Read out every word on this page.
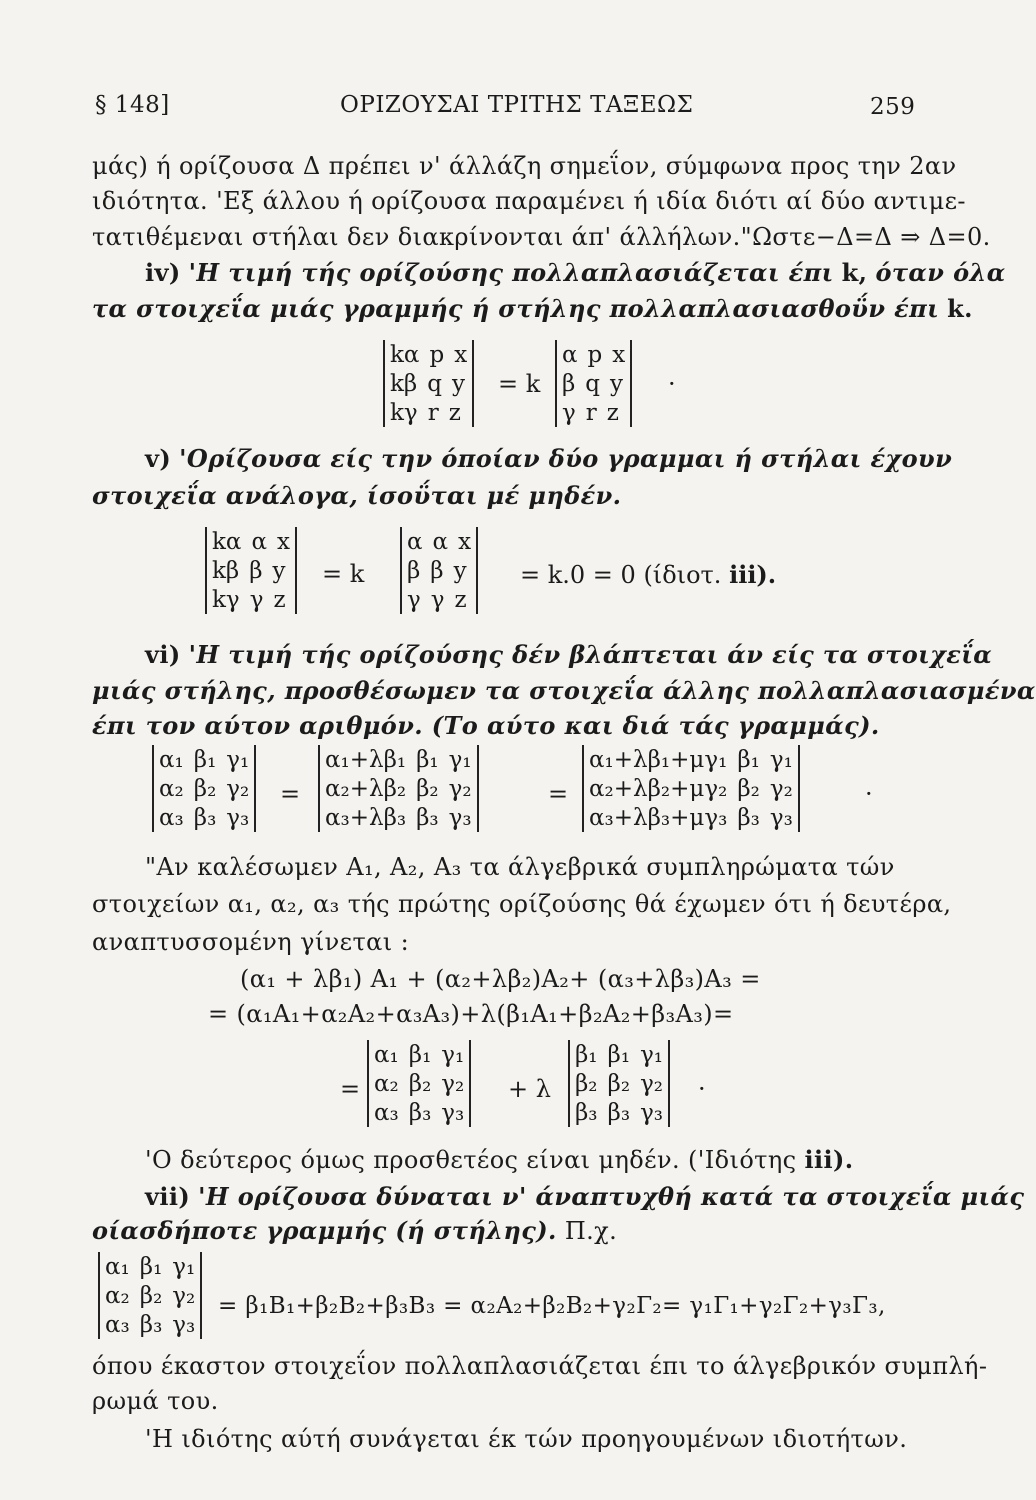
§ 148]	ΟΡΙΖΟΥΣΑΙ ΤΡΙΤΗΣ ΤΑΞΕΩΣ	259
μάς) ή ορίζουσα Δ πρέπει ν' άλλάζη σημεΐον, σύμφωνα προς την 2αν
ιδιότητα. 'Εξ άλλου ή ορίζουσα παραμένει ή ιδία διότι αί δύο αντιμε-
τατιθέμεναι στήλαι δεν διακρίνονται άπ' άλλήλων."Ωστε−Δ=Δ ⇒ Δ=0.
iv) 'Η τιμή τής ορίζούσης πολλαπλασιάζεται έπι k, όταν όλα
τα στοιχεΐα μιάς γραμμής ή στήλης πολλαπλασιασθοΰν έπι k.
kα p x
kβ q y
kγ r z
= k
α p x
β q y
γ r z
·
v) 'Ορίζουσα είς την όποίαν δύο γραμμαι ή στήλαι έχουν
στοιχεΐα ανάλογα, ίσοΰται μέ μηδέν.
kα α x
kβ β y
kγ γ z
= k
α α x
β β y
γ γ z
= k.0 = 0 (ίδιοτ. iii).
vi) 'Η τιμή τής ορίζούσης δέν βλάπτεται άν είς τα στοιχεΐα
μιάς στήλης, προσθέσωμεν τα στοιχεΐα άλλης πολλαπλασιασμένα
έπι τον αύτον αριθμόν. (Το αύτο και διά τάς γραμμάς).
α₁ β₁ γ₁
α₂ β₂ γ₂
α₃ β₃ γ₃
=
α₁+λβ₁ β₁ γ₁
α₂+λβ₂ β₂ γ₂
α₃+λβ₃ β₃ γ₃
=
α₁+λβ₁+μγ₁ β₁ γ₁
α₂+λβ₂+μγ₂ β₂ γ₂
α₃+λβ₃+μγ₃ β₃ γ₃
·
"Αν καλέσωμεν A₁, A₂, A₃ τα άλγεβρικά συμπληρώματα τών
στοιχείων α₁, α₂, α₃ τής πρώτης ορίζούσης θά έχωμεν ότι ή δευτέρα,
αναπτυσσομένη γίνεται :
(α₁ + λβ₁) A₁ + (α₂+λβ₂)A₂+ (α₃+λβ₃)A₃ =
= (α₁A₁+α₂A₂+α₃A₃)+λ(β₁A₁+β₂A₂+β₃A₃)=
=
α₁ β₁ γ₁
α₂ β₂ γ₂
α₃ β₃ γ₃
+ λ
β₁ β₁ γ₁
β₂ β₂ γ₂
β₃ β₃ γ₃
·
'Ο δεύτερος όμως προσθετέος είναι μηδέν. ('Ιδιότης iii).
vii) 'Η ορίζουσα δύναται ν' άναπτυχθή κατά τα στοιχεΐα μιάς
οίασδήποτε γραμμής (ή στήλης). Π.χ.
α₁ β₁ γ₁
α₂ β₂ γ₂
α₃ β₃ γ₃
= β₁B₁+β₂B₂+β₃B₃ = α₂A₂+β₂B₂+γ₂Γ₂= γ₁Γ₁+γ₂Γ₂+γ₃Γ₃,
όπου έκαστον στοιχεΐον πολλαπλασιάζεται έπι το άλγεβρικόν συμπλή-
ρωμά του.
'Η ιδιότης αύτή συνάγεται έκ τών προηγουμένων ιδιοτήτων.
